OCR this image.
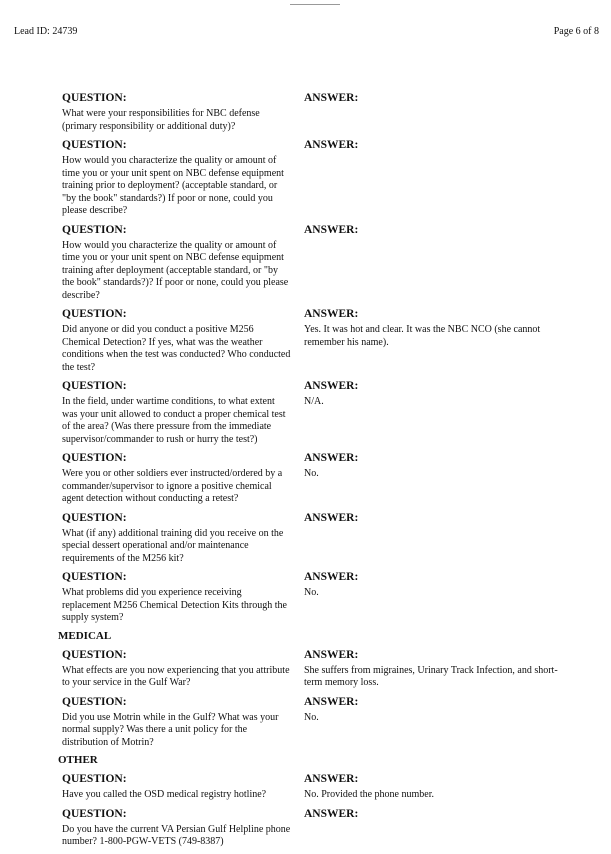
Lead ID: 24739	Page 6 of 8
QUESTION:
What were your responsibilities for NBC defense (primary responsibility or additional duty)?
ANSWER:
QUESTION:
How would you characterize the quality or amount of time you or your unit spent on NBC defense equipment training prior to deployment? (acceptable standard, or "by the book" standards?) If poor or none, could you please describe?
ANSWER:
QUESTION:
How would you characterize the quality or amount of time you or your unit spent on NBC defense equipment training after deployment (acceptable standard, or "by the book" standards?)? If poor or none, could you please describe?
ANSWER:
QUESTION:
Did anyone or did you conduct a positive M256 Chemical Detection? If yes, what was the weather conditions when the test was conducted? Who conducted the test?
ANSWER:
Yes. It was hot and clear. It was the NBC NCO (she cannot remember his name).
QUESTION:
In the field, under wartime conditions, to what extent was your unit allowed to conduct a proper chemical test of the area? (Was there pressure from the immediate supervisor/commander to rush or hurry the test?)
ANSWER:
N/A.
QUESTION:
Were you or other soldiers ever instructed/ordered by a commander/supervisor to ignore a positive chemical agent detection without conducting a retest?
ANSWER:
No.
QUESTION:
What (if any) additional training did you receive on the special dessert operational and/or maintenance requirements of the M256 kit?
ANSWER:
QUESTION:
What problems did you experience receiving replacement M256 Chemical Detection Kits through the supply system?
ANSWER:
No.
MEDICAL
QUESTION:
What effects are you now experiencing that you attribute to your service in the Gulf War?
ANSWER:
She suffers from migraines, Urinary Track Infection, and short-term memory loss.
QUESTION:
Did you use Motrin while in the Gulf? What was your normal supply? Was there a unit policy for the distribution of Motrin?
ANSWER:
No.
OTHER
QUESTION:
Have you called the OSD medical registry hotline?
ANSWER:
No. Provided the phone number.
QUESTION:
Do you have the current VA Persian Gulf Helpline phone number? 1-800-PGW-VETS (749-8387)
ANSWER:
